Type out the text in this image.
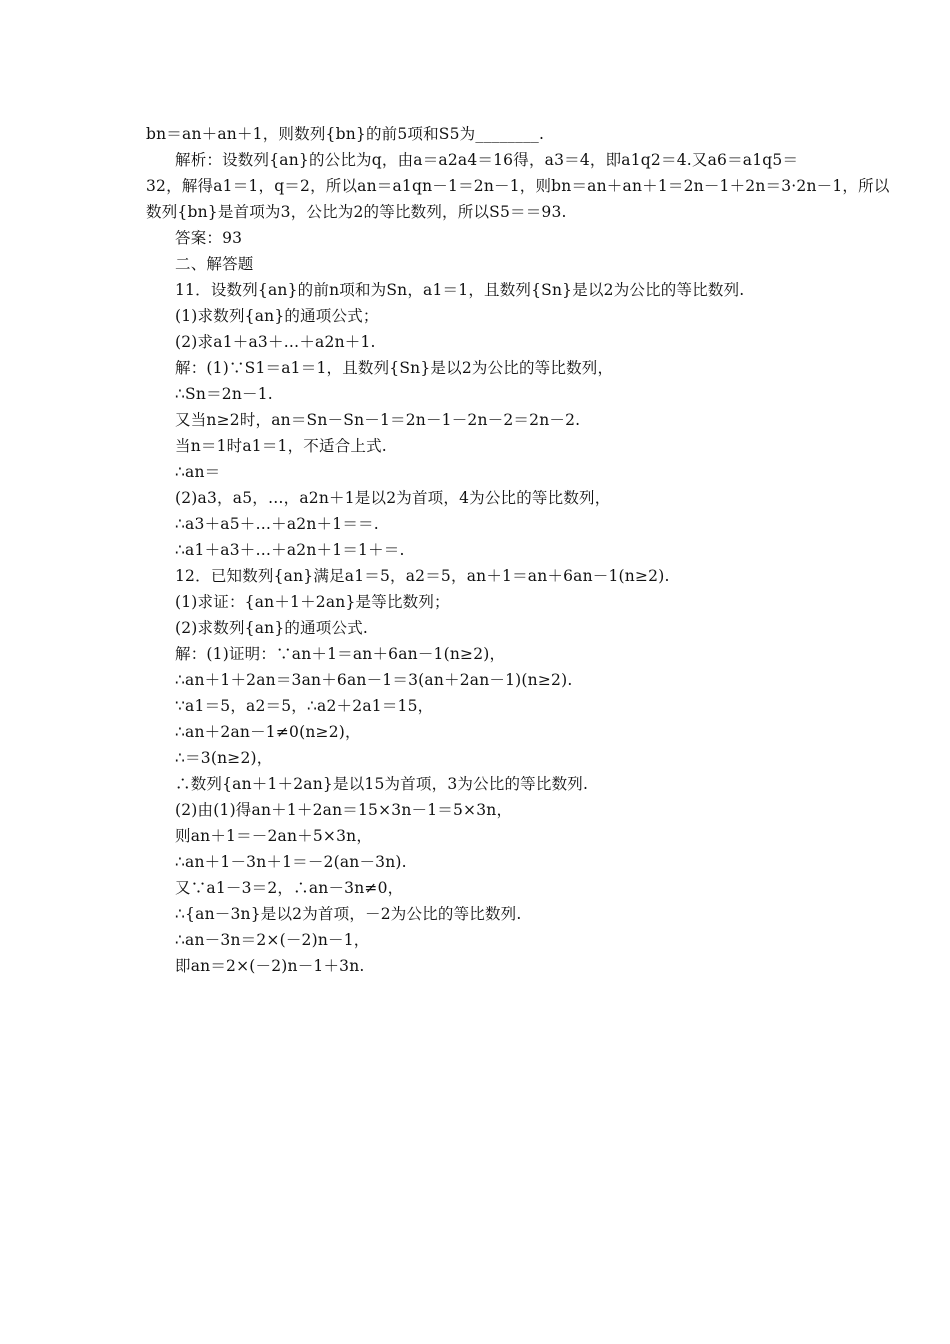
bn＝an＋an＋1，则数列{bn}的前5项和S5为________.
解析：设数列{an}的公比为q，由a＝a2a4＝16得，a3＝4，即a1q2＝4.又a6＝a1q5＝
32，解得a1＝1，q＝2，所以an＝a1qn－1＝2n－1，则bn＝an＋an＋1＝2n－1＋2n＝3·2n－1，所以
数列{bn}是首项为3，公比为2的等比数列，所以S5＝＝93.
答案：93
二、解答题
11．设数列{an}的前n项和为Sn，a1＝1，且数列{Sn}是以2为公比的等比数列.
(1)求数列{an}的通项公式；
(2)求a1＋a3＋…＋a2n＋1.
解：(1)∵S1＝a1＝1，且数列{Sn}是以2为公比的等比数列，
∴Sn＝2n－1.
又当n≥2时，an＝Sn－Sn－1＝2n－1－2n－2＝2n－2.
当n＝1时a1＝1，不适合上式.
∴an＝
(2)a3，a5，…，a2n＋1是以2为首项，4为公比的等比数列，
∴a3＋a5＋…＋a2n＋1＝＝.
∴a1＋a3＋…＋a2n＋1＝1＋＝.
12．已知数列{an}满足a1＝5，a2＝5，an＋1＝an＋6an－1(n≥2).
(1)求证：{an＋1＋2an}是等比数列；
(2)求数列{an}的通项公式.
解：(1)证明：∵an＋1＝an＋6an－1(n≥2)，
∴an＋1＋2an＝3an＋6an－1＝3(an＋2an－1)(n≥2).
∵a1＝5，a2＝5，∴a2＋2a1＝15，
∴an＋2an－1≠0(n≥2)，
∴＝3(n≥2)，
∴数列{an＋1＋2an}是以15为首项，3为公比的等比数列.
(2)由(1)得an＋1＋2an＝15×3n－1＝5×3n，
则an＋1＝－2an＋5×3n，
∴an＋1－3n＋1＝－2(an－3n).
又∵a1－3＝2，∴an－3n≠0，
∴{an－3n}是以2为首项，－2为公比的等比数列.
∴an－3n＝2×(－2)n－1，
即an＝2×(－2)n－1＋3n.
